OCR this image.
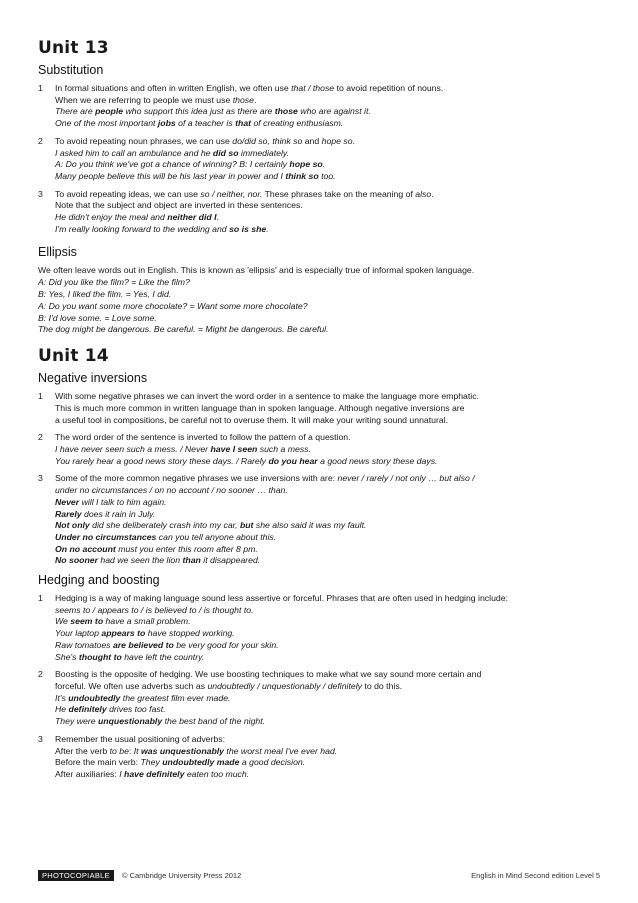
Unit 13
Substitution
1	In formal situations and often in written English, we often use that / those to avoid repetition of nouns.
When we are referring to people we must use those.
There are people who support this idea just as there are those who are against it.
One of the most important jobs of a teacher is that of creating enthusiasm.
2	To avoid repeating noun phrases, we can use do/did so, think so and hope so.
I asked him to call an ambulance and he did so immediately.
A: Do you think we've got a chance of winning? B: I certainly hope so.
Many people believe this will be his last year in power and I think so too.
3	To avoid repeating ideas, we can use so / neither, nor. These phrases take on the meaning of also.
Note that the subject and object are inverted in these sentences.
He didn't enjoy the meal and neither did I.
I'm really looking forward to the wedding and so is she.
Ellipsis
We often leave words out in English. This is known as 'ellipsis' and is especially true of informal spoken language.
A: Did you like the film? = Like the film?
B: Yes, I liked the film. = Yes, I did.
A: Do you want some more chocolate? = Want some more chocolate?
B: I'd love some. = Love some.
The dog might be dangerous. Be careful. = Might be dangerous. Be careful.
Unit 14
Negative inversions
1	With some negative phrases we can invert the word order in a sentence to make the language more emphatic.
This is much more common in written language than in spoken language. Although negative inversions are
a useful tool in compositions, be careful not to overuse them. It will make your writing sound unnatural.
2	The word order of the sentence is inverted to follow the pattern of a question.
I have never seen such a mess. / Never have I seen such a mess.
You rarely hear a good news story these days. / Rarely do you hear a good news story these days.
3	Some of the more common negative phrases we use inversions with are: never / rarely / not only … but also /
under no circumstances / on no account / no sooner … than.
Never will I talk to him again.
Rarely does it rain in July.
Not only did she deliberately crash into my car, but she also said it was my fault.
Under no circumstances can you tell anyone about this.
On no account must you enter this room after 8 pm.
No sooner had we seen the lion than it disappeared.
Hedging and boosting
1	Hedging is a way of making language sound less assertive or forceful. Phrases that are often used in hedging include:
seems to / appears to / is believed to / is thought to.
We seem to have a small problem.
Your laptop appears to have stopped working.
Raw tomatoes are believed to be very good for your skin.
She's thought to have left the country.
2	Boosting is the opposite of hedging. We use boosting techniques to make what we say sound more certain and
forceful. We often use adverbs such as undoubtedly / unquestionably / definitely to do this.
It's undoubtedly the greatest film ever made.
He definitely drives too fast.
They were unquestionably the best band of the night.
3	Remember the usual positioning of adverbs:
After the verb to be: It was unquestionably the worst meal I've ever had.
Before the main verb: They undoubtedly made a good decision.
After auxiliaries: I have definitely eaten too much.
PHOTOCOPIABLE	© Cambridge University Press 2012	English in Mind Second edition Level 5
